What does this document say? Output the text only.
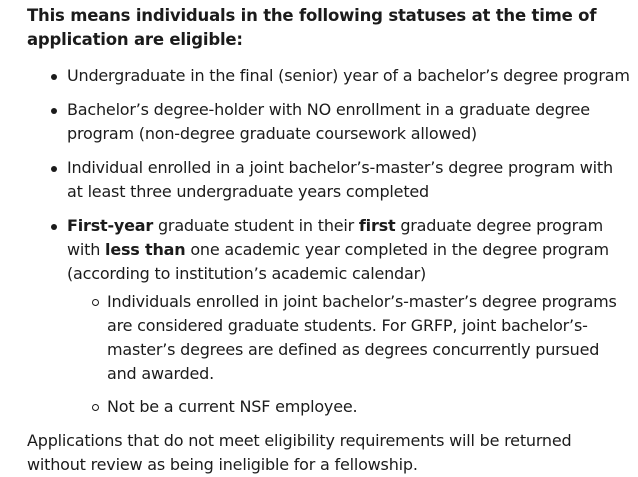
This means individuals in the following statuses at the time of application are eligible:
Undergraduate in the final (senior) year of a bachelor’s degree program
Bachelor’s degree-holder with NO enrollment in a graduate degree program (non-degree graduate coursework allowed)
Individual enrolled in a joint bachelor’s-master’s degree program with at least three undergraduate years completed
First-year graduate student in their first graduate degree program with less than one academic year completed in the degree program (according to institution’s academic calendar)
Individuals enrolled in joint bachelor’s-master’s degree programs are considered graduate students. For GRFP, joint bachelor’s-master’s degrees are defined as degrees concurrently pursued and awarded.
Not be a current NSF employee.

Applications that do not meet eligibility requirements will be returned without review as being ineligible for a fellowship.
